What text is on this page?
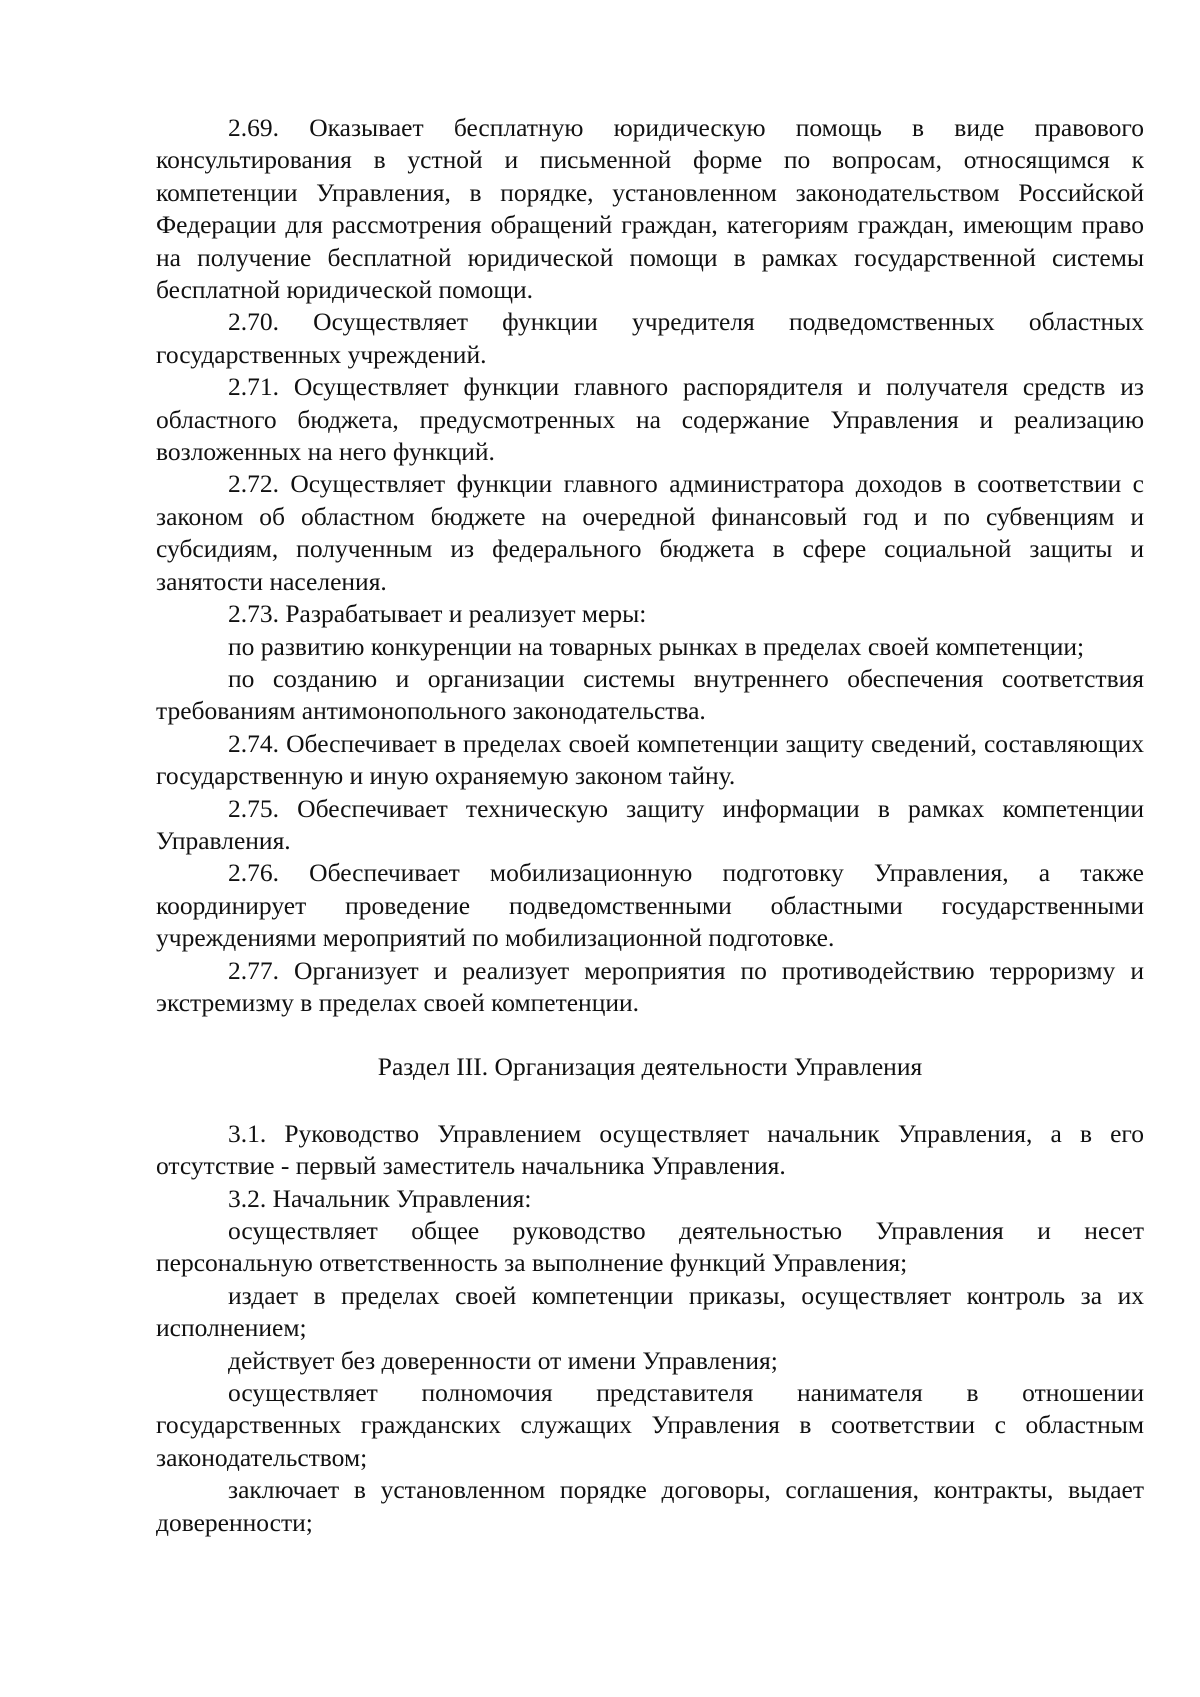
2.69. Оказывает бесплатную юридическую помощь в виде правового консультирования в устной и письменной форме по вопросам, относящимся к компетенции Управления, в порядке, установленном законодательством Российской Федерации для рассмотрения обращений граждан, категориям граждан, имеющим право на получение бесплатной юридической помощи в рамках государственной системы бесплатной юридической помощи.

2.70. Осуществляет функции учредителя подведомственных областных государственных учреждений.

2.71. Осуществляет функции главного распорядителя и получателя средств из областного бюджета, предусмотренных на содержание Управления и реализацию возложенных на него функций.

2.72. Осуществляет функции главного администратора доходов в соответствии с законом об областном бюджете на очередной финансовый год и по субвенциям и субсидиям, полученным из федерального бюджета в сфере социальной защиты и занятости населения.

2.73. Разрабатывает и реализует меры:

по развитию конкуренции на товарных рынках в пределах своей компетенции;

по созданию и организации системы внутреннего обеспечения соответствия требованиям антимонопольного законодательства.

2.74. Обеспечивает в пределах своей компетенции защиту сведений, составляющих государственную и иную охраняемую законом тайну.

2.75. Обеспечивает техническую защиту информации в рамках компетенции Управления.

2.76. Обеспечивает мобилизационную подготовку Управления, а также координирует проведение подведомственными областными государственными учреждениями мероприятий по мобилизационной подготовке.

2.77. Организует и реализует мероприятия по противодействию терроризму и экстремизму в пределах своей компетенции.

Раздел III. Организация деятельности Управления

3.1. Руководство Управлением осуществляет начальник Управления, а в его отсутствие - первый заместитель начальника Управления.

3.2. Начальник Управления:

осуществляет общее руководство деятельностью Управления и несет персональную ответственность за выполнение функций Управления;

издает в пределах своей компетенции приказы, осуществляет контроль за их исполнением;

действует без доверенности от имени Управления;

осуществляет полномочия представителя нанимателя в отношении государственных гражданских служащих Управления в соответствии с областным законодательством;

заключает в установленном порядке договоры, соглашения, контракты, выдает доверенности;
